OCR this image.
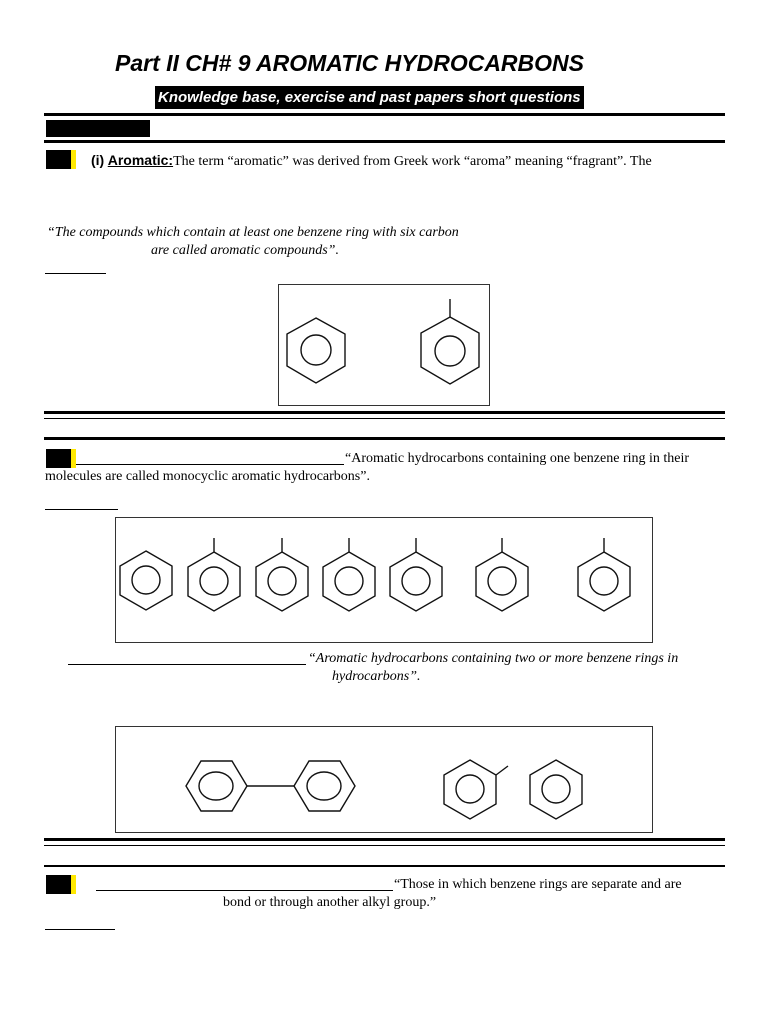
Part II CH# 9 AROMATIC HYDROCARBONS
Knowledge base, exercise and past papers short questions
(i) Aromatic:The term “aromatic” was derived from Greek work “aroma” meaning “fragrant”. The
“The compounds which contain at least one benzene ring with six carbon
are called aromatic compounds”.
“Aromatic hydrocarbons containing one benzene ring in their
molecules are called monocyclic aromatic hydrocarbons”.
“Aromatic hydrocarbons containing two or more benzene rings in
hydrocarbons”.
“Those in which benzene rings are separate and are
bond or through another alkyl group.”
